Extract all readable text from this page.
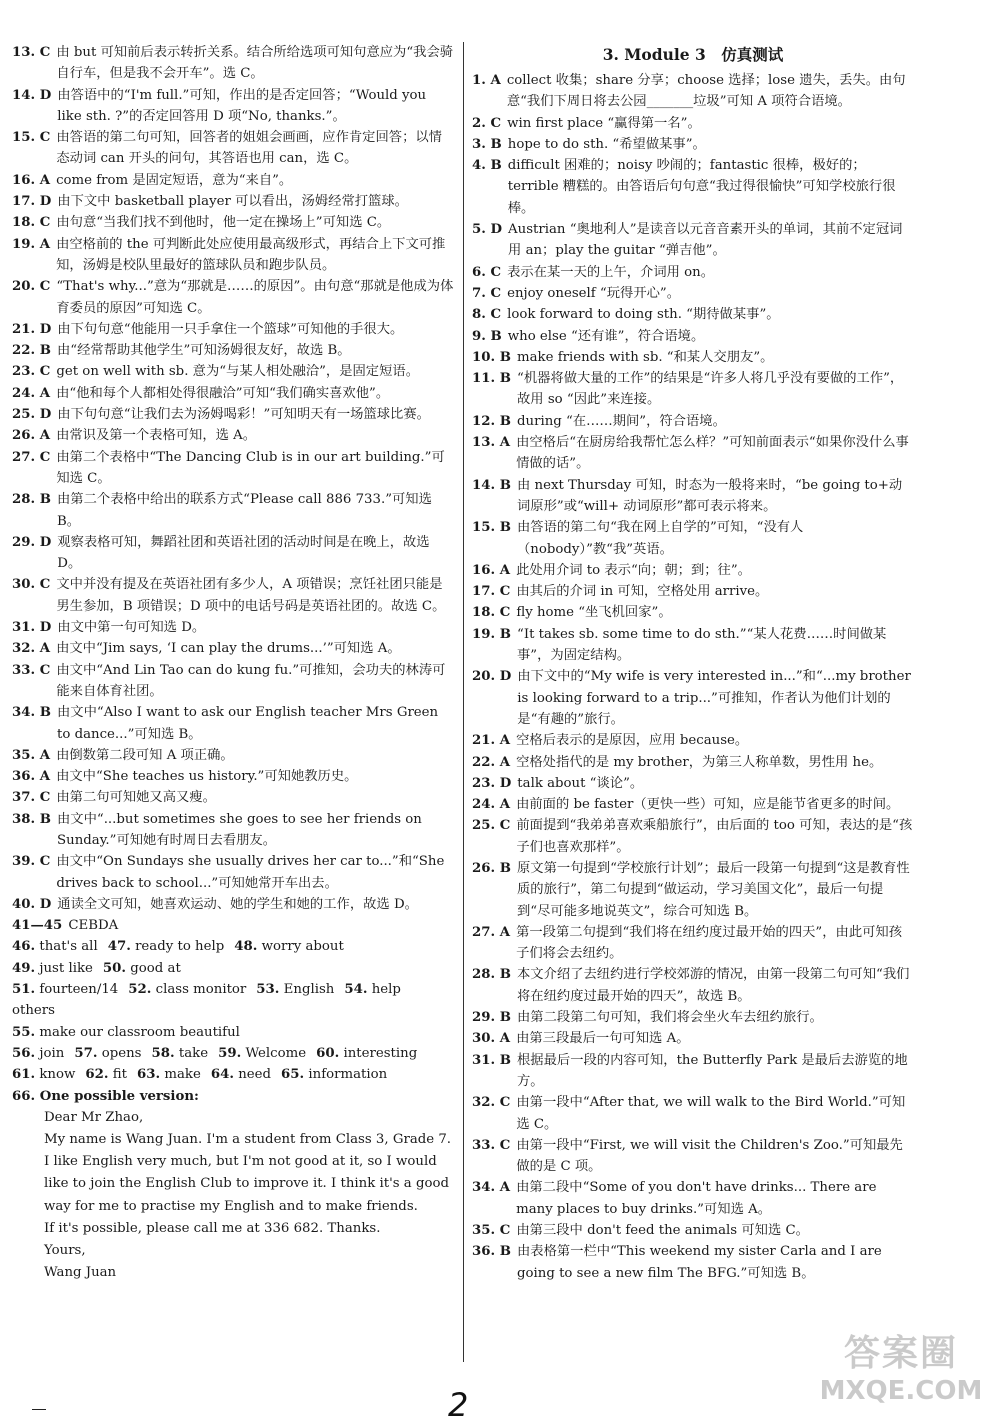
13. C 由 but 可知前后表示转折关系。结合所给选项可知句意应为“我会骑自行车，但是我不会开车”。选 C。
14. D 由答语中的“I'm full.”可知，作出的是否定回答；“Would you like sth. ?”的否定回答用 D 项“No, thanks.”。
15. C 由答语的第二句可知，回答者的姐姐会画画，应作肯定回答；以情态动词 can 开头的问句，其答语也用 can，选 C。
16. A come from 是固定短语，意为“来自”。
17. D 由下文中 basketball player 可以看出，汤姆经常打篮球。
18. C 由句意“当我们找不到他时，他一定在操场上”可知选 C。
19. A 由空格前的 the 可判断此处应使用最高级形式，再结合上下文可推知，汤姆是校队里最好的篮球队员和跑步队员。
20. C “That's why...”意为“那就是……的原因”。由句意“那就是他成为体育委员的原因”可知选 C。
21. D 由下句句意“他能用一只手拿住一个篮球”可知他的手很大。
22. B 由“经常帮助其他学生”可知汤姆很友好，故选 B。
23. C get on well with sb. 意为“与某人相处融洽”，是固定短语。
24. A 由“他和每个人都相处得很融洽”可知“我们确实喜欢他”。
25. D 由下句句意“让我们去为汤姆喝彩！”可知明天有一场篮球比赛。
26. A 由常识及第一个表格可知，选 A。
27. C 由第二个表格中“The Dancing Club is in our art building.”可知选 C。
28. B 由第二个表格中给出的联系方式“Please call 886 733.”可知选 B。
29. D 观察表格可知，舞蹈社团和英语社团的活动时间是在晚上，故选 D。
30. C 文中并没有提及在英语社团有多少人，A 项错误；烹饪社团只能是男生参加，B 项错误；D 项中的电话号码是英语社团的。故选 C。
31. D 由文中第一句可知选 D。
32. A 由文中“Jim says, ‘I can play the drums...’”可知选 A。
33. C 由文中“And Lin Tao can do kung fu.”可推知，会功夫的林涛可能来自体育社团。
34. B 由文中“Also I want to ask our English teacher Mrs Green to dance...”可知选 B。
35. A 由倒数第二段可知 A 项正确。
36. A 由文中“She teaches us history.”可知她教历史。
37. C 由第二句可知她又高又瘦。
38. B 由文中“...but sometimes she goes to see her friends on Sunday.”可知她有时周日去看朋友。
39. C 由文中“On Sundays she usually drives her car to...”和“She drives back to school...”可知她常开车出去。
40. D 通读全文可知，她喜欢运动、她的学生和她的工作，故选 D。
41—45 CEBDA
46. that's all 47. ready to help 48. worry about
49. just like 50. good at
51. fourteen/14 52. class monitor 53. English 54. help others
55. make our classroom beautiful
56. join 57. opens 58. take 59. Welcome 60. interesting
61. know 62. fit 63. make 64. need 65. information
66. One possible version:
Dear Mr Zhao,
My name is Wang Juan. I'm a student from Class 3, Grade 7. I like English very much, but I'm not good at it, so I would like to join the English Club to improve it. I think it's a good way for me to practise my English and to make friends.
If it's possible, please call me at 336 682. Thanks.
Yours,
Wang Juan
3. Module 3　仿真测试
1. A collect 收集；share 分享；choose 选择；lose 遗失，丢失。由句意“我们下周日将去公园_______垃圾”可知 A 项符合语境。
2. C win first place “赢得第一名”。
3. B hope to do sth. “希望做某事”。
4. B difficult 困难的；noisy 吵闹的；fantastic 很棒，极好的；terrible 糟糕的。由答语后句句意“我过得很愉快”可知学校旅行很棒。
5. D Austrian “奥地利人”是读音以元音音素开头的单词，其前不定冠词用 an；play the guitar “弹吉他”。
6. C 表示在某一天的上午，介词用 on。
7. C enjoy oneself “玩得开心”。
8. C look forward to doing sth. “期待做某事”。
9. B who else “还有谁”，符合语境。
10. B make friends with sb. “和某人交朋友”。
11. B “机器将做大量的工作”的结果是“许多人将几乎没有要做的工作”，故用 so “因此”来连接。
12. B during “在……期间”，符合语境。
13. A 由空格后“在厨房给我帮忙怎么样？”可知前面表示“如果你没什么事情做的话”。
14. B 由 next Thursday 可知，时态为一般将来时，“be going to+动词原形”或“will+ 动词原形”都可表示将来。
15. B 由答语的第二句“我在网上自学的”可知，“没有人（nobody）”教“我”英语。
16. A 此处用介词 to 表示“向；朝；到；往”。
17. C 由其后的介词 in 可知，空格处用 arrive。
18. C fly home “坐飞机回家”。
19. B “It takes sb. some time to do sth.”“某人花费……时间做某事”，为固定结构。
20. D 由下文中的“My wife is very interested in...”和“...my brother is looking forward to a trip...”可推知，作者认为他们计划的是“有趣的”旅行。
21. A 空格后表示的是原因，应用 because。
22. A 空格处指代的是 my brother，为第三人称单数，男性用 he。
23. D talk about “谈论”。
24. A 由前面的 be faster（更快一些）可知，应是能节省更多的时间。
25. C 前面提到“我弟弟喜欢乘船旅行”，由后面的 too 可知，表达的是“孩子们也喜欢那样”。
26. B 原文第一句提到“学校旅行计划”；最后一段第一句提到“这是教育性质的旅行”，第二句提到“做运动，学习美国文化”，最后一句提到“尽可能多地说英文”，综合可知选 B。
27. A 第一段第二句提到“我们将在纽约度过最开始的四天”，由此可知孩子们将会去纽约。
28. B 本文介绍了去纽约进行学校郊游的情况，由第一段第二句可知“我们将在纽约度过最开始的四天”，故选 B。
29. B 由第二段第二句可知，我们将会坐火车去纽约旅行。
30. A 由第三段最后一句可知选 A。
31. B 根据最后一段的内容可知，the Butterfly Park 是最后去游览的地方。
32. C 由第一段中“After that, we will walk to the Bird World.”可知选 C。
33. C 由第一段中“First, we will visit the Children's Zoo.”可知最先做的是 C 项。
34. A 由第二段中“Some of you don't have drinks... There are many places to buy drinks.”可知选 A。
35. C 由第三段中 don't feed the animals 可知选 C。
36. B 由表格第一栏中“This weekend my sister Carla and I are going to see a new film The BFG.”可知选 B。
2
答案圈
MXQE.COM
